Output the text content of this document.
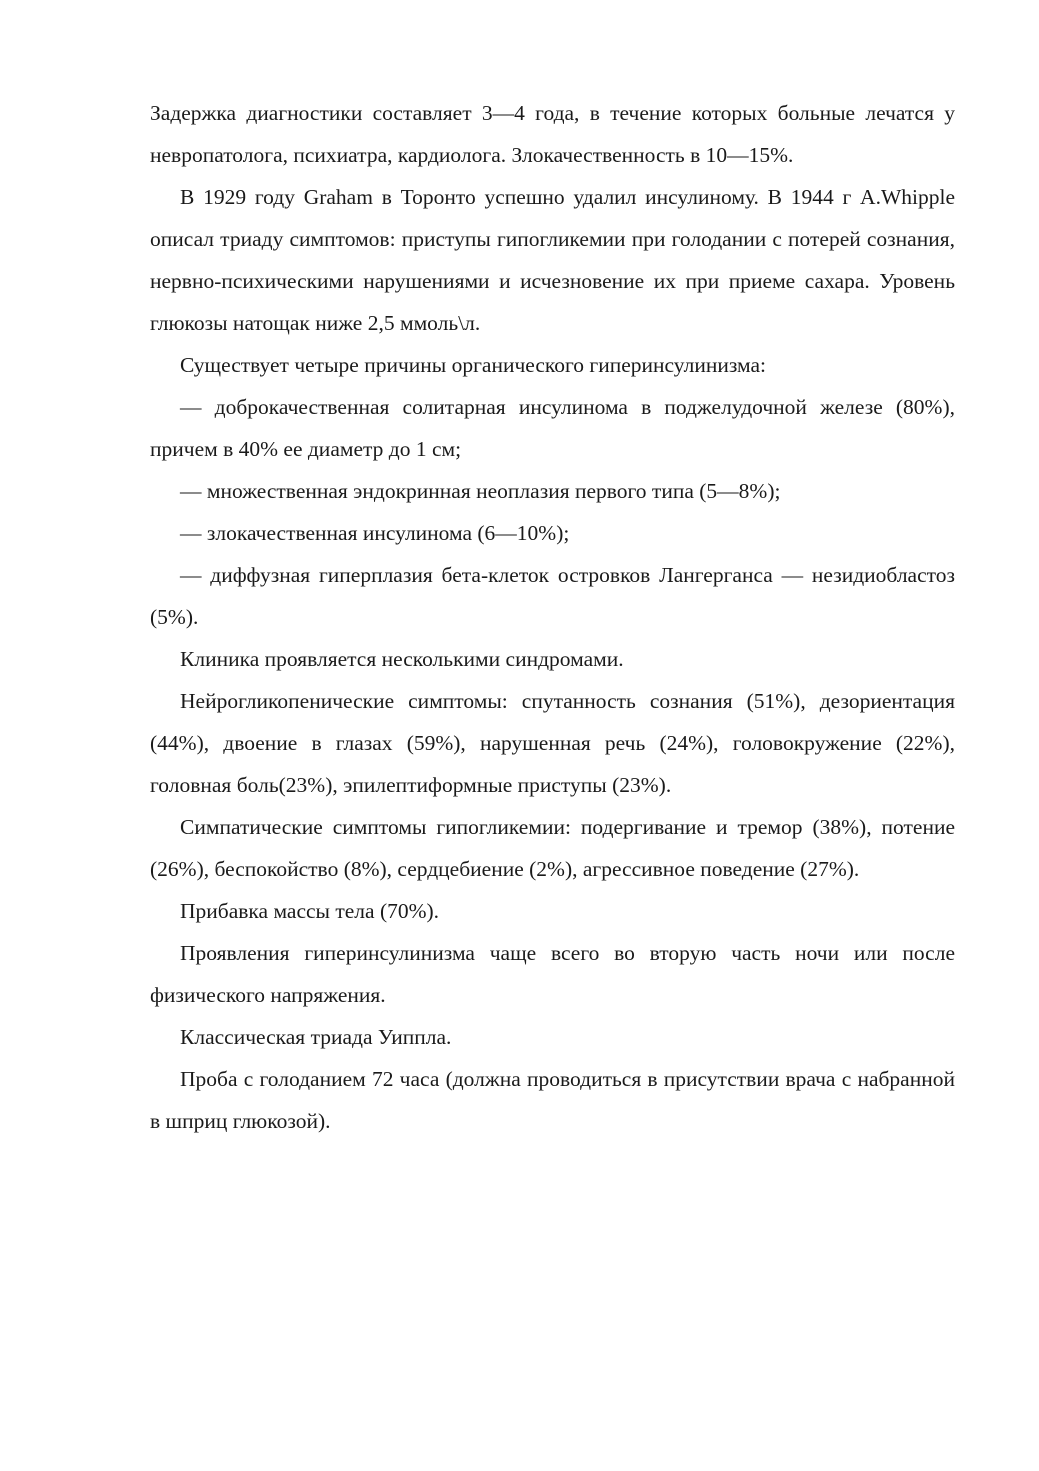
Задержка диагностики составляет 3—4 года, в течение которых больные лечатся у невропатолога, психиатра, кардиолога. Злокачественность в 10—15%.

В 1929 году Graham в Торонто успешно удалил инсулиному. В 1944 г A.Whipple описал триаду симптомов: приступы гипогликемии при голодании с потерей сознания, нервно-психическими нарушениями и исчезновение их при приеме сахара. Уровень глюкозы натощак ниже 2,5 ммоль\л.

Существует четыре причины органического гиперинсулинизма:

— доброкачественная солитарная инсулинома в поджелудочной железе (80%), причем в 40% ее диаметр до 1 см;

— множественная эндокринная неоплазия первого типа (5—8%);

— злокачественная инсулинома (6—10%);

— диффузная гиперплазия бета-клеток островков Лангерганса — незидиобластоз (5%).

Клиника проявляется несколькими синдромами.

Нейрогликопенические симптомы: спутанность сознания (51%), дезориентация (44%), двоение в глазах (59%), нарушенная речь (24%), головокружение (22%), головная боль(23%), эпилептиформные приступы (23%).

Симпатические симптомы гипогликемии: подергивание и тремор (38%), потение (26%), беспокойство (8%), сердцебиение (2%), агрессивное поведение (27%).

Прибавка массы тела (70%).

Проявления гиперинсулинизма чаще всего во вторую часть ночи или после физического напряжения.

Классическая триада Уиппла.

Проба с голоданием 72 часа (должна проводиться в присутствии врача с набранной в шприц глюкозой).
